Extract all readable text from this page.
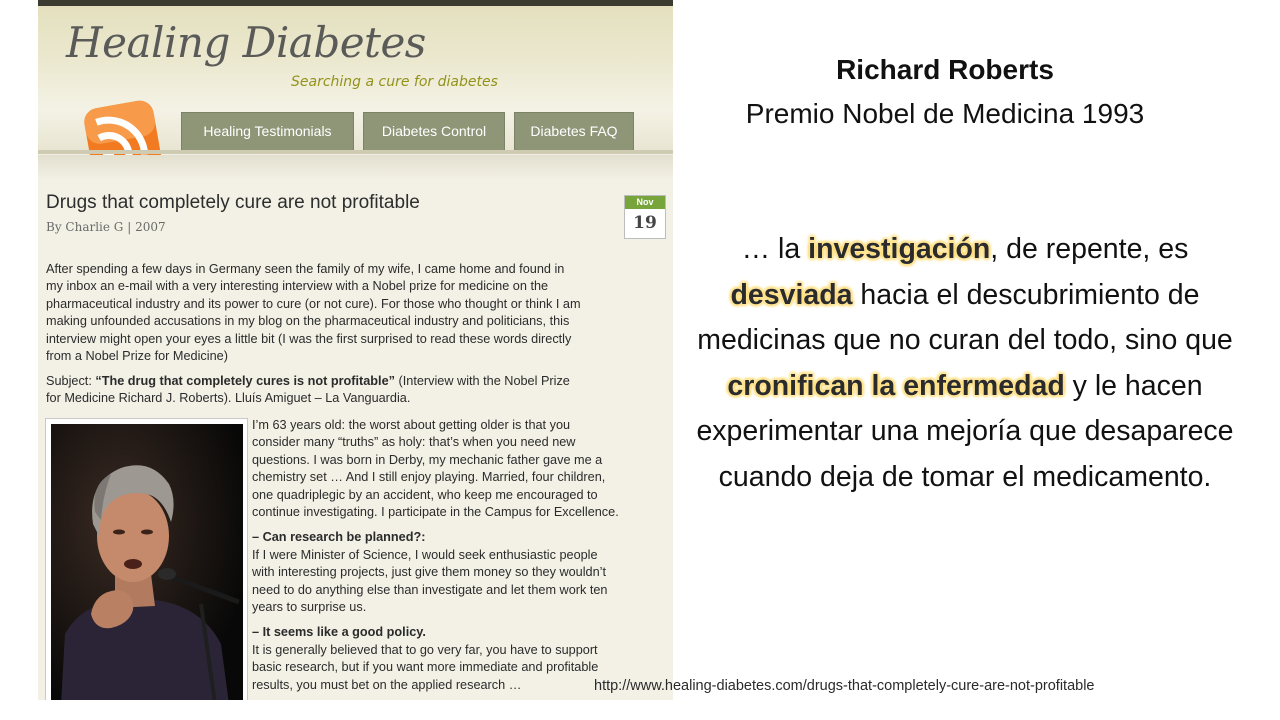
Healing Diabetes
Searching a cure for diabetes
Healing Testimonials	Diabetes Control	Diabetes FAQ
Drugs that completely cure are not profitable
By Charlie G | 2007
Nov
19
After spending a few days in Germany seen the family of my wife, I came home and found in
my inbox an e-mail with a very interesting interview with a Nobel prize for medicine on the
pharmaceutical industry and its power to cure (or not cure). For those who thought or think I am
making unfounded accusations in my blog on the pharmaceutical industry and politicians, this
interview might open your eyes a little bit (I was the first surprised to read these words directly
from a Nobel Prize for Medicine)
Subject: “The drug that completely cures is not profitable” (Interview with the Nobel Prize
for Medicine Richard J. Roberts). Lluís Amiguet – La Vanguardia.

I’m 63 years old: the worst about getting older is that you
consider many “truths” as holy: that’s when you need new
questions. I was born in Derby, my mechanic father gave me a
chemistry set … And I still enjoy playing. Married, four children,
one quadriplegic by an accident, who keep me encouraged to
continue investigating. I participate in the Campus for Excellence.

– Can research be planned?:
If I were Minister of Science, I would seek enthusiastic people
with interesting projects, just give them money so they wouldn’t
need to do anything else than investigate and let them work ten
years to surprise us.

– It seems like a good policy.
It is generally believed that to go very far, you have to support
basic research, but if you want more immediate and profitable
results, you must bet on the applied research …

Richard Roberts
Premio Nobel de Medicina 1993

… la investigación, de repente, es desviada hacia el descubrimiento de medicinas que no curan del todo, sino que cronifican la enfermedad y le hacen experimentar una mejoría que desaparece cuando deja de tomar el medicamento.

http://www.healing-diabetes.com/drugs-that-completely-cure-are-not-profitable
